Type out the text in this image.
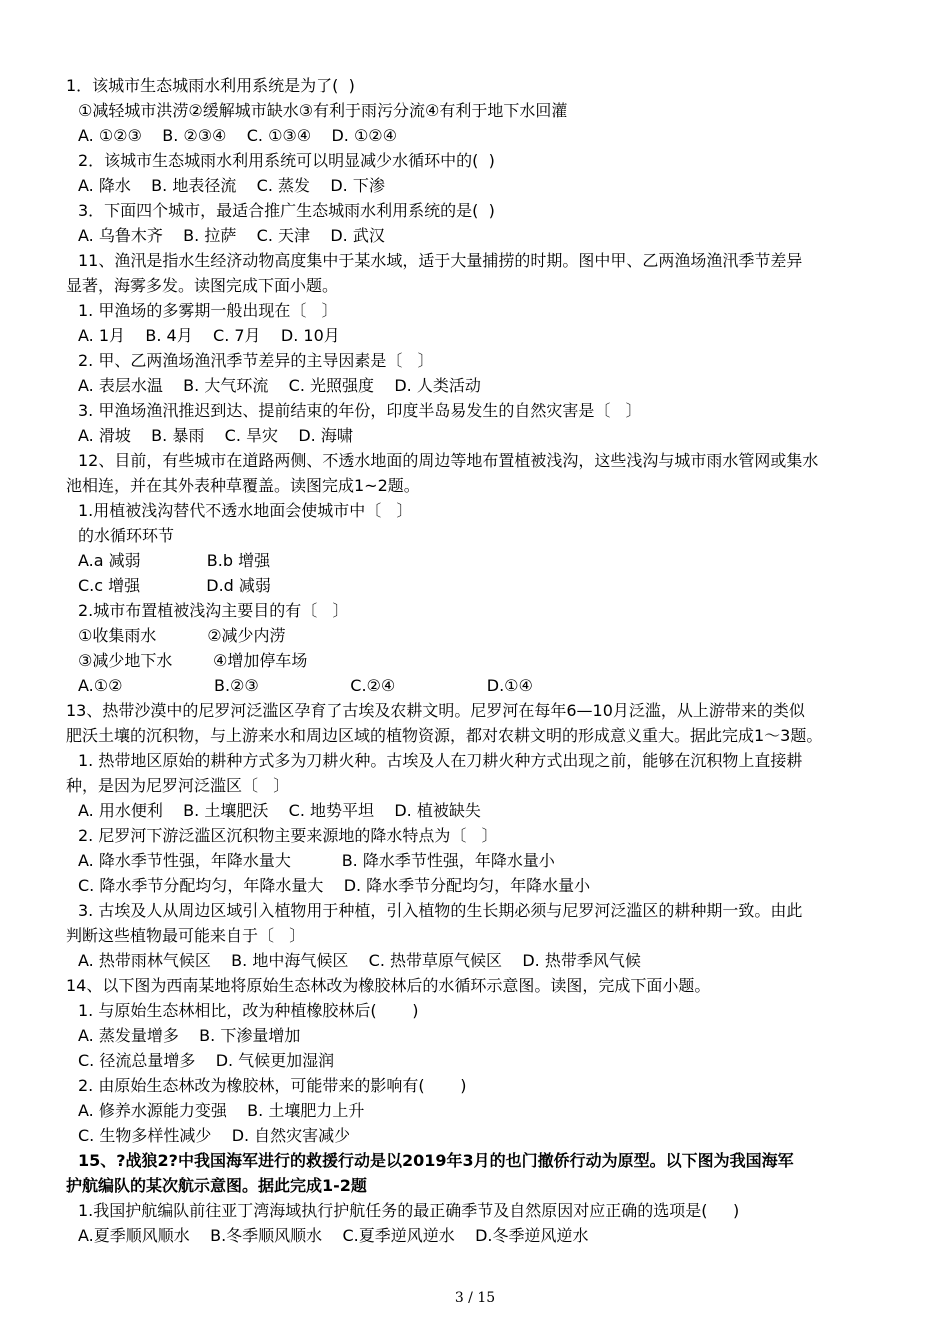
1．该城市生态城雨水利用系统是为了(  )
①减轻城市洪涝②缓解城市缺水③有利于雨污分流④有利于地下水回灌
A. ①②③    B. ②③④    C. ①③④    D. ①②④
2．该城市生态城雨水利用系统可以明显减少水循环中的(  )
A. 降水    B. 地表径流    C. 蒸发    D. 下渗
3．下面四个城市，最适合推广生态城雨水利用系统的是(  )
A. 乌鲁木齐    B. 拉萨    C. 天津    D. 武汉
11、渔汛是指水生经济动物高度集中于某水域，适于大量捕捞的时期。图中甲、乙两渔场渔汛季节差异
显著，海雾多发。读图完成下面小题。
1. 甲渔场的多雾期一般出现在〔   〕
A. 1月    B. 4月    C. 7月    D. 10月
2. 甲、乙两渔场渔汛季节差异的主导因素是〔   〕
A. 表层水温    B. 大气环流    C. 光照强度    D. 人类活动
3. 甲渔场渔汛推迟到达、提前结束的年份，印度半岛易发生的自然灾害是〔   〕
A. 滑坡    B. 暴雨    C. 旱灾    D. 海啸
12、目前，有些城市在道路两侧、不透水地面的周边等地布置植被浅沟，这些浅沟与城市雨水管网或集水
池相连，并在其外表种草覆盖。读图完成1~2题。
1.用植被浅沟替代不透水地面会使城市中〔   〕
的水循环环节
A.a 减弱             B.b 增强
C.c 增强             D.d 减弱
2.城市布置植被浅沟主要目的有〔   〕
①收集雨水          ②减少内涝
③减少地下水        ④增加停车场
A.①②                  B.②③                  C.②④                  D.①④
13、热带沙漠中的尼罗河泛滥区孕育了古埃及农耕文明。尼罗河在每年6—10月泛滥，从上游带来的类似
肥沃土壤的沉积物，与上游来水和周边区域的植物资源，都对农耕文明的形成意义重大。据此完成1～3题。
1. 热带地区原始的耕种方式多为刀耕火种。古埃及人在刀耕火种方式出现之前，能够在沉积物上直接耕
种，是因为尼罗河泛滥区〔   〕
A. 用水便利    B. 土壤肥沃    C. 地势平坦    D. 植被缺失
2. 尼罗河下游泛滥区沉积物主要来源地的降水特点为〔   〕
A. 降水季节性强，年降水量大          B. 降水季节性强，年降水量小
C. 降水季节分配均匀，年降水量大    D. 降水季节分配均匀，年降水量小
3. 古埃及人从周边区域引入植物用于种植，引入植物的生长期必须与尼罗河泛滥区的耕种期一致。由此
判断这些植物最可能来自于〔   〕
A. 热带雨林气候区    B. 地中海气候区    C. 热带草原气候区    D. 热带季风气候
14、以下图为西南某地将原始生态林改为橡胶林后的水循环示意图。读图，完成下面小题。
1. 与原始生态林相比，改为种植橡胶林后(       )
A. 蒸发量增多    B. 下渗量增加
C. 径流总量增多    D. 气候更加湿润
2. 由原始生态林改为橡胶林，可能带来的影响有(       )
A. 修养水源能力变强    B. 土壤肥力上升
C. 生物多样性减少    D. 自然灾害减少
15、?战狼2?中我国海军进行的救援行动是以2019年3月的也门撤侨行动为原型。以下图为我国海军
护航编队的某次航示意图。据此完成1-2题
1.我国护航编队前往亚丁湾海域执行护航任务的最正确季节及自然原因对应正确的选项是(     )
A.夏季顺风顺水    B.冬季顺风顺水    C.夏季逆风逆水    D.冬季逆风逆水
3 / 15
